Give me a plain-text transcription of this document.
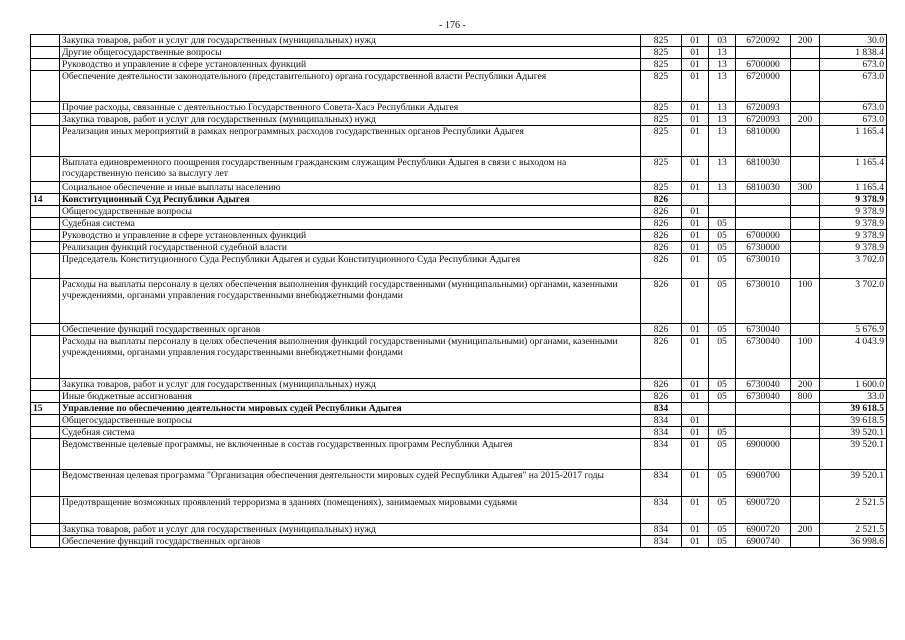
- 176 -
	Закупка товаров, работ и услуг для государственных (муниципальных) нужд	825	01	03	6720092	200	30.0
	Другие общегосударственные вопросы	825	01	13			1 838.4
	Руководство и управление в сфере установленных функций	825	01	13	6700000		673.0
	Обеспечение деятельности законодательного (представительного) органа государственной власти Республики Адыгея	825	01	13	6720000		673.0
	Прочие расходы, связанные с деятельностью Государственного Совета-Хасэ Республики Адыгея	825	01	13	6720093		673.0
	Закупка товаров, работ и услуг для государственных (муниципальных) нужд	825	01	13	6720093	200	673.0
	Реализация иных мероприятий в рамках непрограммных расходов государственных органов Республики Адыгея	825	01	13	6810000		1 165.4
	Выплата единовременного поощрения государственным гражданским служащим Республики Адыгея в связи с выходом на государственную пенсию за выслугу лет	825	01	13	6810030		1 165.4
	Социальное обеспечение и иные выплаты населению	825	01	13	6810030	300	1 165.4
14	Конституционный Суд Республики Адыгея	826					9 378.9
	Общегосударственные вопросы	826	01				9 378.9
	Судебная система	826	01	05			9 378.9
	Руководство и управление в сфере установленных функций	826	01	05	6700000		9 378.9
	Реализация функций государственной судебной власти	826	01	05	6730000		9 378.9
	Председатель Конституционного Суда Республики Адыгея и судьи Конституционного Суда Республики Адыгея	826	01	05	6730010		3 702.0
	Расходы на выплаты персоналу в целях обеспечения выполнения функций государственными (муниципальными) органами, казенными учреждениями, органами управления государственными внебюджетными фондами	826	01	05	6730010	100	3 702.0
	Обеспечение функций государственных органов	826	01	05	6730040		5 676.9
	Расходы на выплаты персоналу в целях обеспечения выполнения функций государственными (муниципальными) органами, казенными учреждениями, органами управления государственными внебюджетными фондами	826	01	05	6730040	100	4 043.9
	Закупка товаров, работ и услуг для государственных (муниципальных) нужд	826	01	05	6730040	200	1 600.0
	Иные бюджетные ассигнования	826	01	05	6730040	800	33.0
15	Управление по обеспечению деятельности мировых судей Республики Адыгея	834					39 618.5
	Общегосударственные вопросы	834	01				39 618.5
	Судебная система	834	01	05			39 520.1
	Ведомственные целевые программы, не включенные в состав государственных программ Республики Адыгея	834	01	05	6900000		39 520.1
	Ведомственная целевая программа "Организация обеспечения деятельности мировых судей Республики Адыгея" на 2015-2017 годы	834	01	05	6900700		39 520.1
	Предотвращение возможных проявлений терроризма в зданиях (помещениях), занимаемых мировыми судьями	834	01	05	6900720		2 521.5
	Закупка товаров, работ и услуг для государственных (муниципальных) нужд	834	01	05	6900720	200	2 521.5
	Обеспечение функций государственных органов	834	01	05	6900740		36 998.6
